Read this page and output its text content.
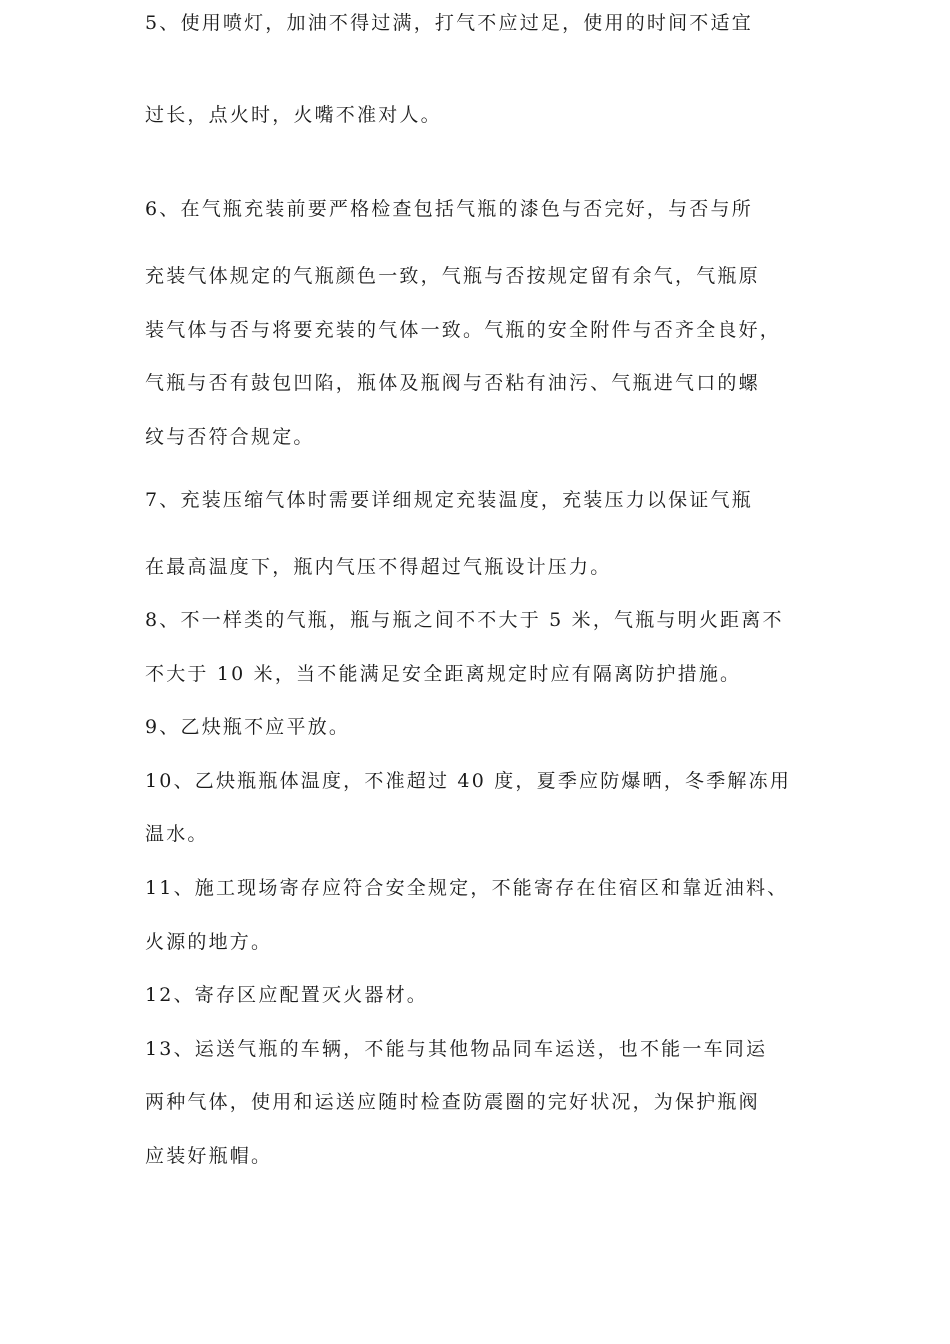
5、使用喷灯，加油不得过满，打气不应过足，使用的时间不适宜
过长，点火时，火嘴不准对人。
6、在气瓶充装前要严格检查包括气瓶的漆色与否完好，与否与所
充装气体规定的气瓶颜色一致，气瓶与否按规定留有余气，气瓶原
装气体与否与将要充装的气体一致。气瓶的安全附件与否齐全良好，
气瓶与否有鼓包凹陷，瓶体及瓶阀与否粘有油污、气瓶进气口的螺
纹与否符合规定。
7、充装压缩气体时需要详细规定充装温度，充装压力以保证气瓶
在最高温度下，瓶内气压不得超过气瓶设计压力。
8、不一样类的气瓶，瓶与瓶之间不不大于 5 米，气瓶与明火距离不
不大于 10 米，当不能满足安全距离规定时应有隔离防护措施。
9、乙炔瓶不应平放。
10、乙炔瓶瓶体温度，不准超过 40 度，夏季应防爆晒，冬季解冻用
温水。
11、施工现场寄存应符合安全规定，不能寄存在住宿区和靠近油料、
火源的地方。
12、寄存区应配置灭火器材。
13、运送气瓶的车辆，不能与其他物品同车运送，也不能一车同运
两种气体，使用和运送应随时检查防震圈的完好状况，为保护瓶阀
应装好瓶帽。
